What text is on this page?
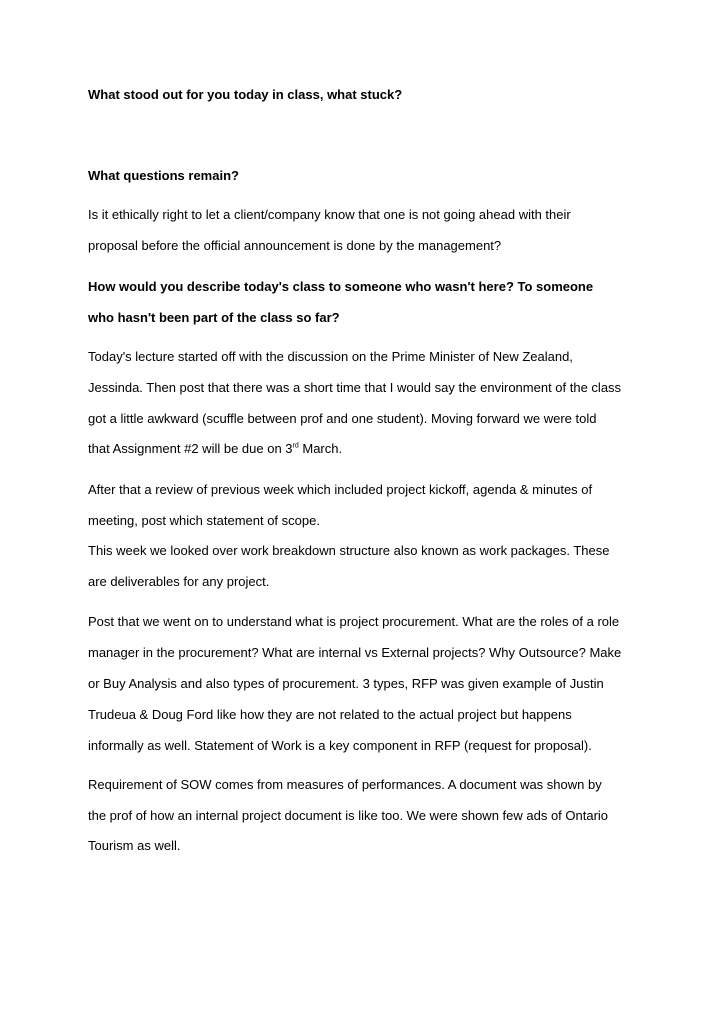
What stood out for you today in class, what stuck?
What questions remain?
Is it ethically right to let a client/company know that one is not going ahead with their
proposal before the official announcement is done by the management?
How would you describe today's class to someone who wasn't here? To someone
who hasn't been part of the class so far?
Today's lecture started off with the discussion on the Prime Minister of New Zealand,
Jessinda. Then post that there was a short time that I would say the environment of the class
got a little awkward (scuffle between prof and one student). Moving forward we were told
that Assignment #2 will be due on 3rd March.
After that a review of previous week which included project kickoff, agenda & minutes of
meeting, post which statement of scope.
This week we looked over work breakdown structure also known as work packages. These
are deliverables for any project.
Post that we went on to understand what is project procurement. What are the roles of a role
manager in the procurement? What are internal vs External projects? Why Outsource? Make
or Buy Analysis and also types of procurement. 3 types, RFP was given example of Justin
Trudeua & Doug Ford like how they are not related to the actual project but happens
informally as well. Statement of Work is a key component in RFP (request for proposal).
Requirement of SOW comes from measures of performances. A document was shown by
the prof of how an internal project document is like too. We were shown few ads of Ontario
Tourism as well.
